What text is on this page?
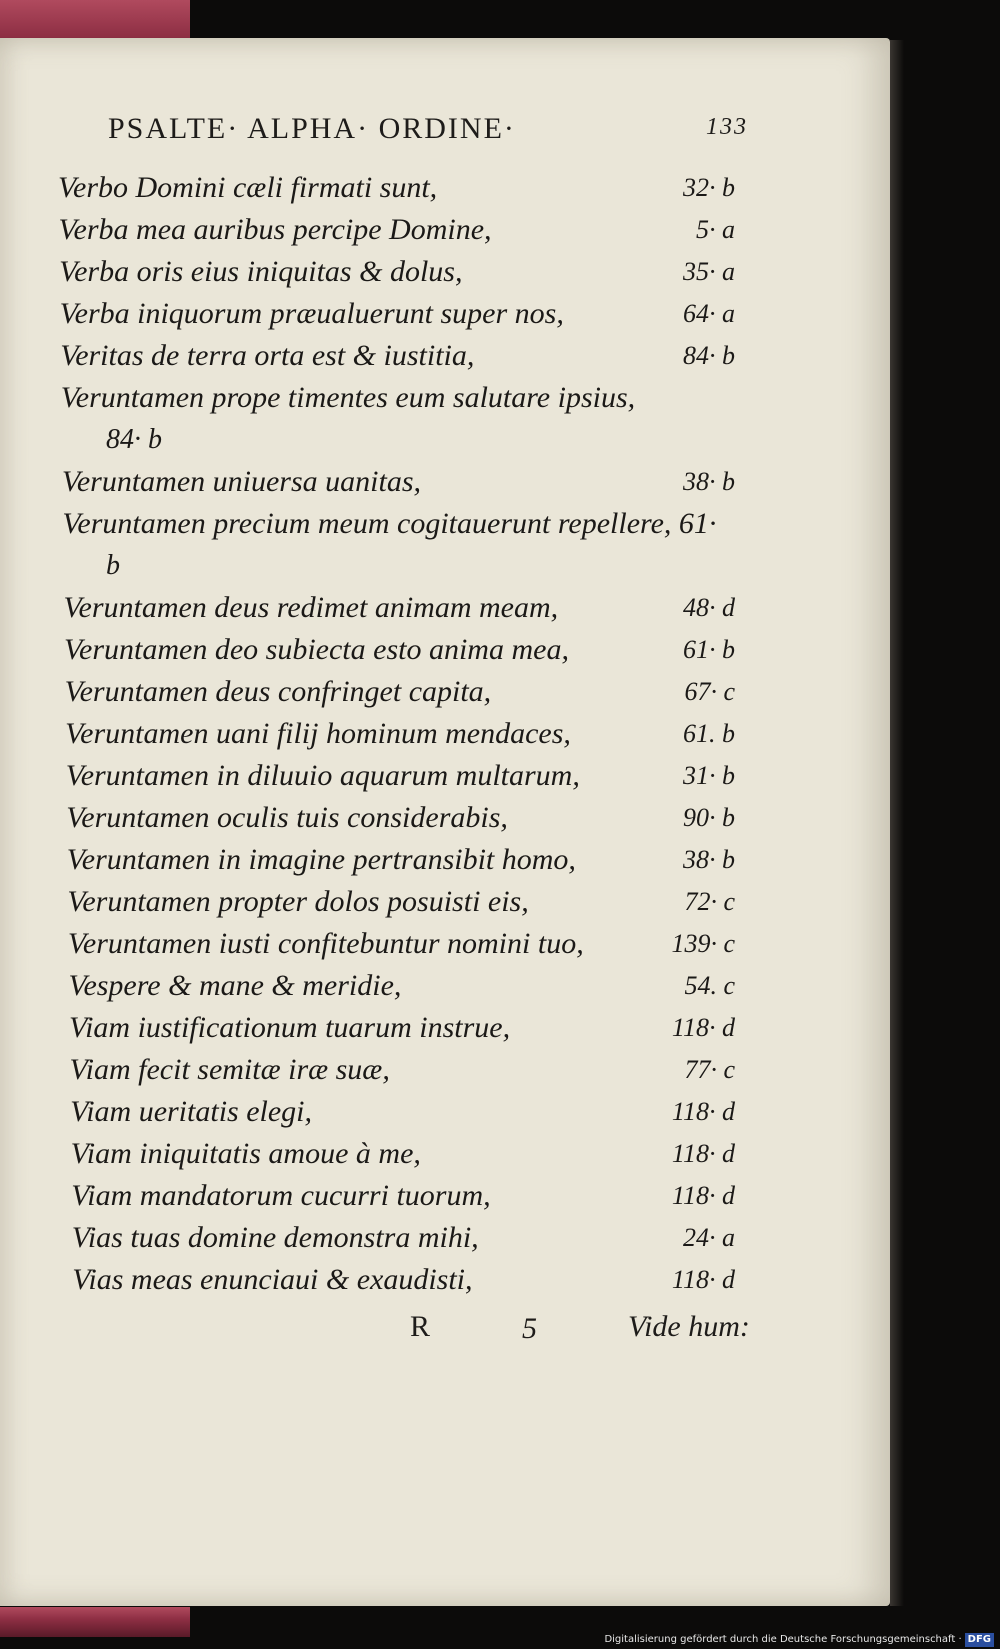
PSALTE· ALPHA· ORDINE·	133
Verbo Domini cæli firmati sunt,	32· b
Verba mea auribus percipe Domine,	5· a
Verba oris eius iniquitas & dolus,	35· a
Verba iniquorum præualuerunt super nos,	64· a
Veritas de terra orta est & iustitia,	84· b
Veruntamen prope timentes eum salutare ipsius,
84· b
Veruntamen uniuersa uanitas,	38· b
Veruntamen precium meum cogitauerunt repellere, 61·
b
Veruntamen deus redimet animam meam,	48· d
Veruntamen deo subiecta esto anima mea,	61· b
Veruntamen deus confringet capita,	67· c
Veruntamen uani filij hominum mendaces,	61. b
Veruntamen in diluuio aquarum multarum,	31· b
Veruntamen oculis tuis considerabis,	90· b
Veruntamen in imagine pertransibit homo,	38· b
Veruntamen propter dolos posuisti eis,	72· c
Veruntamen iusti confitebuntur nomini tuo,	139· c
Vespere & mane & meridie,	54. c
Viam iustificationum tuarum instrue,	118· d
Viam fecit semitæ iræ suæ,	77· c
Viam ueritatis elegi,	118· d
Viam iniquitatis amoue à me,	118· d
Viam mandatorum cucurri tuorum,	118· d
Vias tuas domine demonstra mihi,	24· a
Vias meas enunciaui & exaudisti,	118· d
R	5	Vide hum:
Digitalisierung gefördert durch die Deutsche Forschungsgemeinschaft · DFG
